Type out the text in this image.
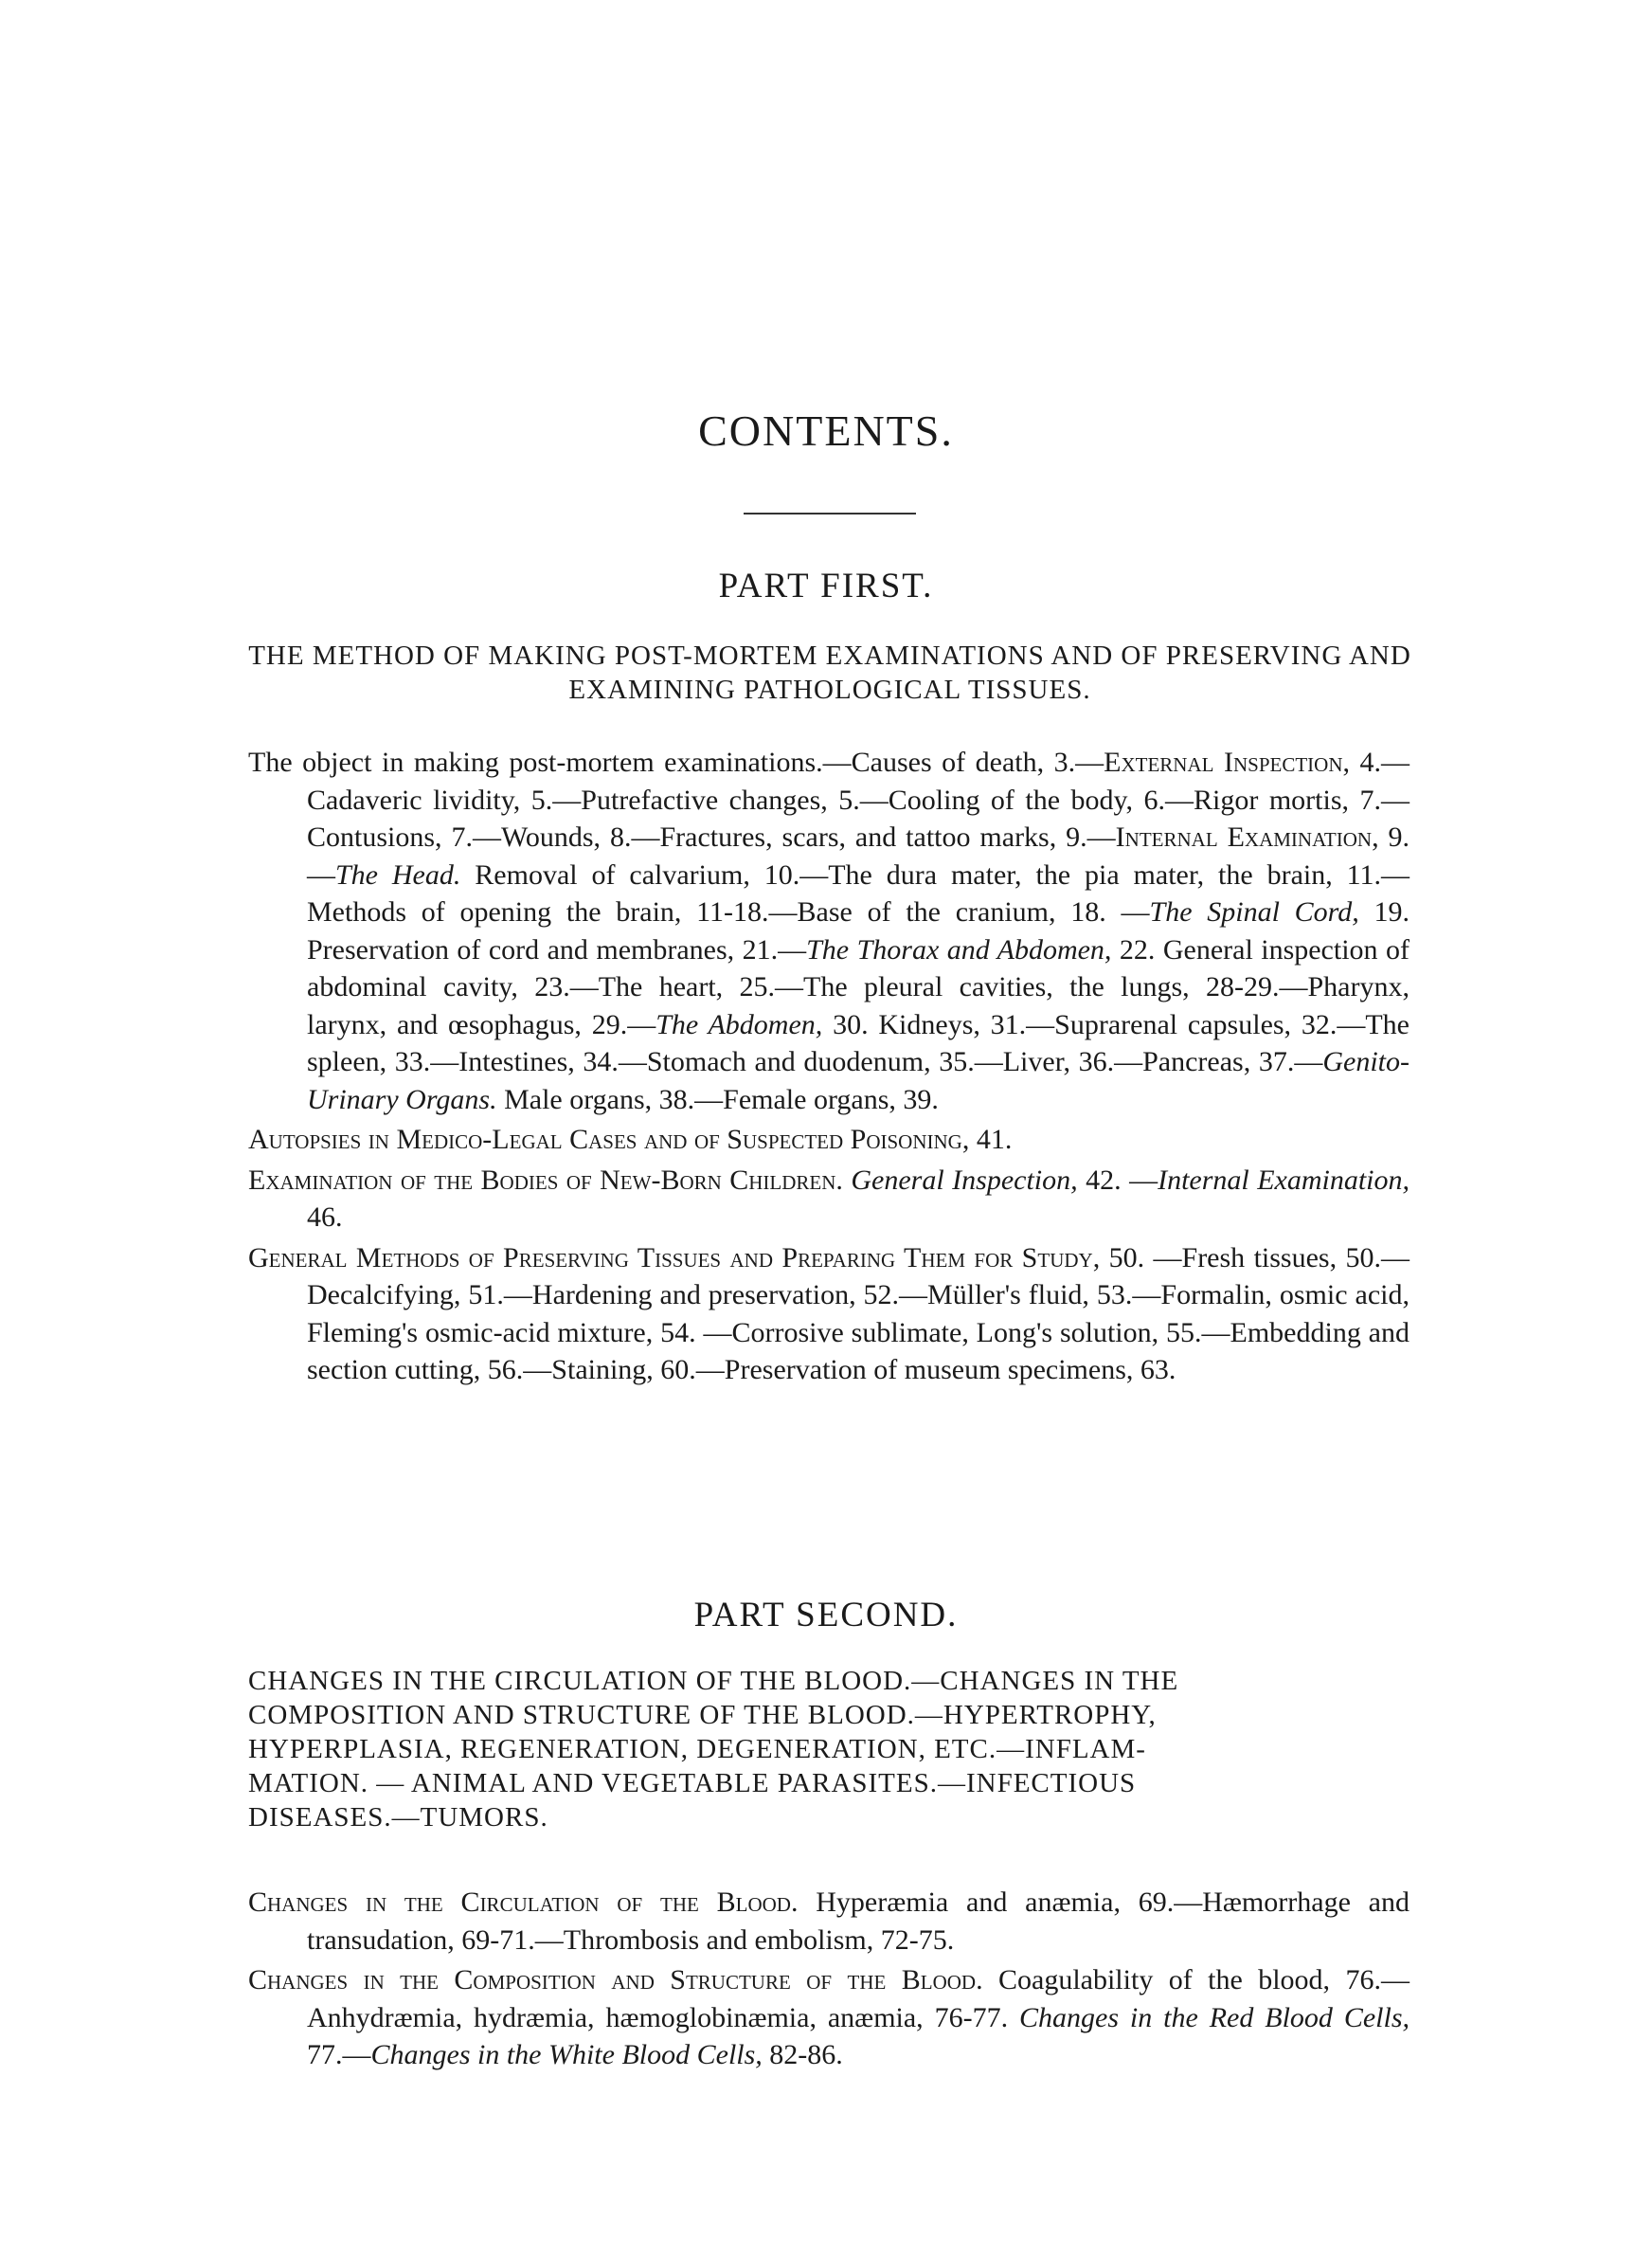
CONTENTS.
PART FIRST.
THE METHOD OF MAKING POST-MORTEM EXAMINATIONS AND OF PRESERVING AND EXAMINING PATHOLOGICAL TISSUES.
The object in making post-mortem examinations.—Causes of death, 3.—External Inspection, 4.—Cadaveric lividity, 5.—Putrefactive changes, 5.—Cooling of the body, 6.—Rigor mortis, 7.—Contusions, 7.—Wounds, 8.—Fractures, scars, and tattoo marks, 9.—Internal Examination, 9.—The Head. Removal of calvarium, 10.—The dura mater, the pia mater, the brain, 11.—Methods of opening the brain, 11-18.—Base of the cranium, 18. —The Spinal Cord, 19. Preservation of cord and membranes, 21.—The Thorax and Abdomen, 22. General inspection of abdominal cavity, 23.—The heart, 25.—The pleural cavities, the lungs, 28-29.—Pharynx, larynx, and œsophagus, 29.—The Abdomen, 30. Kidneys, 31.—Suprarenal capsules, 32.—The spleen, 33.—Intestines, 34.—Stomach and duodenum, 35.—Liver, 36.—Pancreas, 37.—Genito-Urinary Organs. Male organs, 38.—Female organs, 39.
Autopsies in Medico-Legal Cases and of Suspected Poisoning, 41.
Examination of the Bodies of New-Born Children. General Inspection, 42. —Internal Examination, 46.
General Methods of Preserving Tissues and Preparing Them for Study, 50. —Fresh tissues, 50.—Decalcifying, 51.—Hardening and preservation, 52.—Müller's fluid, 53.—Formalin, osmic acid, Fleming's osmic-acid mixture, 54. —Corrosive sublimate, Long's solution, 55.—Embedding and section cutting, 56.—Staining, 60.—Preservation of museum specimens, 63.
PART SECOND.
CHANGES IN THE CIRCULATION OF THE BLOOD.—CHANGES IN THE
COMPOSITION AND STRUCTURE OF THE BLOOD.—HYPERTROPHY,
HYPERPLASIA, REGENERATION, DEGENERATION, ETC.—INFLAM-
MATION. — ANIMAL AND VEGETABLE PARASITES.—INFECTIOUS
DISEASES.—TUMORS.
Changes in the Circulation of the Blood. Hyperæmia and anæmia, 69.—Hæmorrhage and transudation, 69-71.—Thrombosis and embolism, 72-75.
Changes in the Composition and Structure of the Blood. Coagulability of the blood, 76.—Anhydræmia, hydræmia, hæmoglobinæmia, anæmia, 76-77. Changes in the Red Blood Cells, 77.—Changes in the White Blood Cells, 82-86.
